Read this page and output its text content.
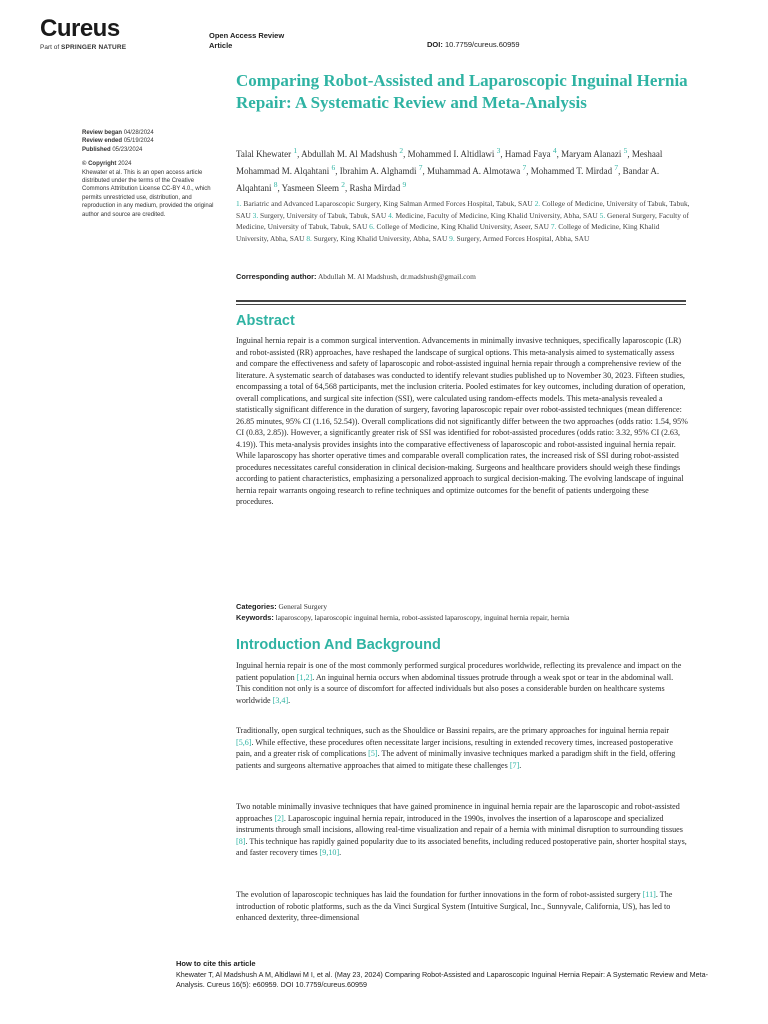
Cureus
Part of SPRINGER NATURE
Open Access Review
Article	DOI: 10.7759/cureus.60959
Comparing Robot-Assisted and Laparoscopic Inguinal Hernia Repair: A Systematic Review and Meta-Analysis
Review began 04/28/2024
Review ended 05/19/2024
Published 05/23/2024
© Copyright 2024
Khewater et al. This is an open access article distributed under the terms of the Creative Commons Attribution License CC-BY 4.0., which permits unrestricted use, distribution, and reproduction in any medium, provided the original author and source are credited.
Talal Khewater $^1$, Abdullah M. Al Madshush $^2$, Mohammed I. Altidlawi $^3$, Hamad Faya $^4$, Maryam Alanazi $^5$, Meshaal Mohammad M. Alqahtani $^6$, Ibrahim A. Alghamdi $^7$, Muhammad A. Almotawa $^7$, Mohammed T. Mirdad $^7$, Bandar A. Alqahtani $^8$, Yasmeen Sleem $^2$, Rasha Mirdad $^9$
1. Bariatric and Advanced Laparoscopic Surgery, King Salman Armed Forces Hospital, Tabuk, SAU 2. College of Medicine, University of Tabuk, Tabuk, SAU 3. Surgery, University of Tabuk, Tabuk, SAU 4. Medicine, Faculty of Medicine, King Khalid University, Abha, SAU 5. General Surgery, Faculty of Medicine, University of Tabuk, Tabuk, SAU 6. College of Medicine, King Khalid University, Aseer, SAU 7. College of Medicine, King Khalid University, Abha, SAU 8. Surgery, King Khalid University, Abha, SAU 9. Surgery, Armed Forces Hospital, Abha, SAU
Corresponding author: Abdullah M. Al Madshush, dr.madshush@gmail.com
Abstract
Inguinal hernia repair is a common surgical intervention. Advancements in minimally invasive techniques, specifically laparoscopic (LR) and robot-assisted (RR) approaches, have reshaped the landscape of surgical options. This meta-analysis aimed to systematically assess and compare the effectiveness and safety of laparoscopic and robot-assisted inguinal hernia repair through a comprehensive review of the literature. A systematic search of databases was conducted to identify relevant studies published up to November 30, 2023. Fifteen studies, encompassing a total of 64,568 participants, met the inclusion criteria. Pooled estimates for key outcomes, including duration of operation, overall complications, and surgical site infection (SSI), were calculated using random-effects models. This meta-analysis revealed a statistically significant difference in the duration of surgery, favoring laparoscopic repair over robot-assisted techniques (mean difference: 26.85 minutes, 95% CI (1.16, 52.54)). Overall complications did not significantly differ between the two approaches (odds ratio: 1.54, 95% CI (0.83, 2.85)). However, a significantly greater risk of SSI was identified for robot-assisted procedures (odds ratio: 3.32, 95% CI (2.63, 4.19)). This meta-analysis provides insights into the comparative effectiveness of laparoscopic and robot-assisted inguinal hernia repair. While laparoscopy has shorter operative times and comparable overall complication rates, the increased risk of SSI during robot-assisted procedures necessitates careful consideration in clinical decision-making. Surgeons and healthcare providers should weigh these findings according to patient characteristics, emphasizing a personalized approach to surgical decision-making. The evolving landscape of inguinal hernia repair warrants ongoing research to refine techniques and optimize outcomes for the benefit of patients undergoing these procedures.
Categories: General Surgery
Keywords: laparoscopy, laparoscopic inguinal hernia, robot-assisted laparoscopy, inguinal hernia repair, hernia
Introduction And Background
Inguinal hernia repair is one of the most commonly performed surgical procedures worldwide, reflecting its prevalence and impact on the patient population [1,2]. An inguinal hernia occurs when abdominal tissues protrude through a weak spot or tear in the abdominal wall. This condition not only is a source of discomfort for affected individuals but also poses a considerable burden on healthcare systems worldwide [3,4].
Traditionally, open surgical techniques, such as the Shouldice or Bassini repairs, are the primary approaches for inguinal hernia repair [5,6]. While effective, these procedures often necessitate larger incisions, resulting in extended recovery times, increased postoperative pain, and a greater risk of complications [5]. The advent of minimally invasive techniques marked a paradigm shift in the field, offering patients and surgeons alternative approaches that aimed to mitigate these challenges [7].
Two notable minimally invasive techniques that have gained prominence in inguinal hernia repair are the laparoscopic and robot-assisted approaches [2]. Laparoscopic inguinal hernia repair, introduced in the 1990s, involves the insertion of a laparoscope and specialized instruments through small incisions, allowing real-time visualization and repair of a hernia with minimal disruption to surrounding tissues [8]. This technique has rapidly gained popularity due to its associated benefits, including reduced postoperative pain, shorter hospital stays, and faster recovery times [9,10].
The evolution of laparoscopic techniques has laid the foundation for further innovations in the form of robot-assisted surgery [11]. The introduction of robotic platforms, such as the da Vinci Surgical System (Intuitive Surgical, Inc., Sunnyvale, California, US), has led to enhanced dexterity, three-dimensional
How to cite this article
Khewater T, Al Madshush A M, Altidlawi M I, et al. (May 23, 2024) Comparing Robot-Assisted and Laparoscopic Inguinal Hernia Repair: A Systematic Review and Meta-Analysis. Cureus 16(5): e60959. DOI 10.7759/cureus.60959
